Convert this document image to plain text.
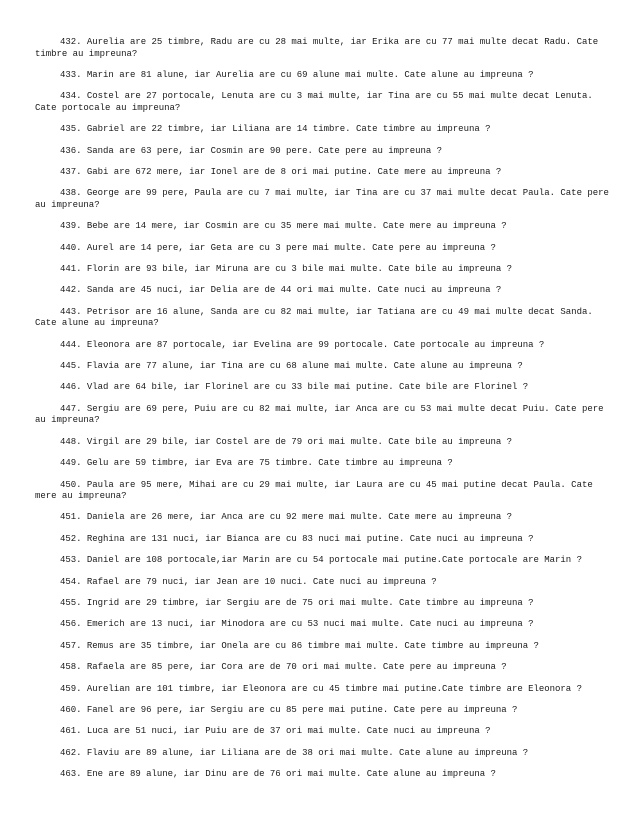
432. Aurelia are 25 timbre, Radu are cu 28 mai multe, iar Erika are cu 77 mai multe decat Radu. Cate timbre au impreuna?

433. Marin are 81 alune, iar Aurelia are cu 69 alune mai multe. Cate alune au impreuna ?

434. Costel are 27 portocale, Lenuta are cu 3 mai multe, iar Tina are cu 55 mai multe decat Lenuta. Cate portocale au impreuna?

435. Gabriel are 22 timbre, iar Liliana are 14 timbre. Cate timbre au impreuna ?

436. Sanda are 63 pere, iar Cosmin are 90 pere. Cate pere au impreuna ?

437. Gabi are 672 mere, iar Ionel are de 8 ori mai putine. Cate mere au impreuna ?

438. George are 99 pere, Paula are cu 7 mai multe, iar Tina are cu 37 mai multe decat Paula. Cate pere au impreuna?

439. Bebe are 14 mere, iar Cosmin are cu 35 mere mai multe. Cate mere au impreuna ?

440. Aurel are 14 pere, iar Geta are cu 3 pere mai multe. Cate pere au impreuna ?

441. Florin are 93 bile, iar Miruna are cu 3 bile mai multe. Cate bile au impreuna ?

442. Sanda are 45 nuci, iar Delia are de 44 ori mai multe. Cate nuci au impreuna ?

443. Petrisor are 16 alune, Sanda are cu 82 mai multe, iar Tatiana are cu 49 mai multe decat Sanda. Cate alune au impreuna?

444. Eleonora are 87 portocale, iar Evelina are 99 portocale. Cate portocale au impreuna ?

445. Flavia are 77 alune, iar Tina are cu 68 alune mai multe. Cate alune au impreuna ?

446. Vlad are 64 bile, iar Florinel are cu 33 bile mai putine. Cate bile are Florinel ?

447. Sergiu are 69 pere, Puiu are cu 82 mai multe, iar Anca are cu 53 mai multe decat Puiu. Cate pere au impreuna?

448. Virgil are 29 bile, iar Costel are de 79 ori mai multe. Cate bile au impreuna ?

449. Gelu are 59 timbre, iar Eva are 75 timbre. Cate timbre au impreuna ?

450. Paula are 95 mere, Mihai are cu 29 mai multe, iar Laura are cu 45 mai putine decat Paula. Cate mere au impreuna?

451. Daniela are 26 mere, iar Anca are cu 92 mere mai multe. Cate mere au impreuna ?

452. Reghina are 131 nuci, iar Bianca are cu 83 nuci mai putine. Cate nuci au impreuna ?

453. Daniel are 108 portocale,iar Marin are cu 54 portocale mai putine.Cate portocale are Marin ?

454. Rafael are 79 nuci, iar Jean are 10 nuci. Cate nuci au impreuna ?

455. Ingrid are 29 timbre, iar Sergiu are de 75 ori mai multe. Cate timbre au impreuna ?

456. Emerich are 13 nuci, iar Minodora are cu 53 nuci mai multe. Cate nuci au impreuna ?

457. Remus are 35 timbre, iar Onela are cu 86 timbre mai multe. Cate timbre au impreuna ?

458. Rafaela are 85 pere, iar Cora are de 70 ori mai multe. Cate pere au impreuna ?

459. Aurelian are 101 timbre, iar Eleonora are cu 45 timbre mai putine.Cate timbre are Eleonora ?

460. Fanel are 96 pere, iar Sergiu are cu 85 pere mai putine. Cate pere au impreuna ?

461. Luca are 51 nuci, iar Puiu are de 37 ori mai multe. Cate nuci au impreuna ?

462. Flaviu are 89 alune, iar Liliana are de 38 ori mai multe. Cate alune au impreuna ?

463. Ene are 89 alune, iar Dinu are de 76 ori mai multe. Cate alune au impreuna ?
